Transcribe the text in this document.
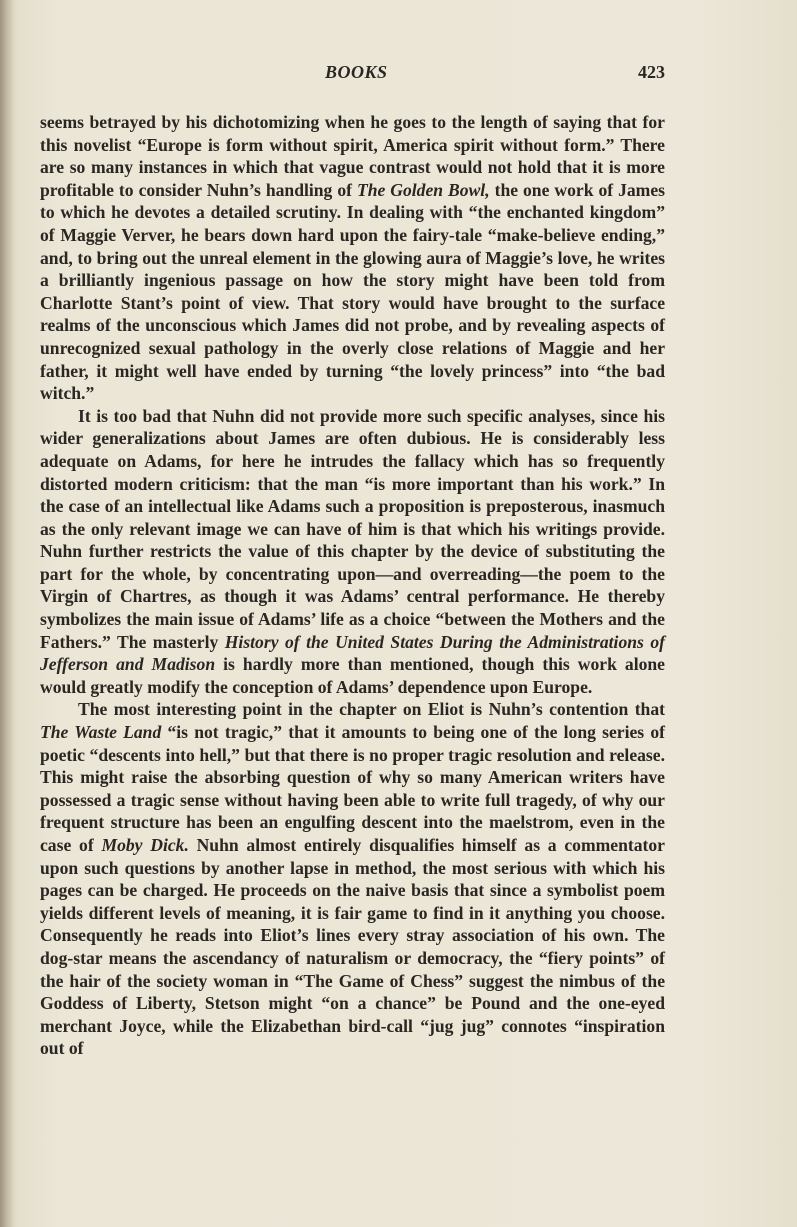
BOOKS	423

seems betrayed by his dichotomizing when he goes to the length of saying that for this novelist “Europe is form without spirit, America spirit without form.” There are so many instances in which that vague contrast would not hold that it is more profitable to consider Nuhn’s handling of The Golden Bowl, the one work of James to which he devotes a detailed scrutiny. In dealing with “the enchanted kingdom” of Maggie Verver, he bears down hard upon the fairy-tale “make-believe ending,” and, to bring out the unreal element in the glowing aura of Maggie’s love, he writes a brilliantly ingenious passage on how the story might have been told from Charlotte Stant’s point of view. That story would have brought to the surface realms of the unconscious which James did not probe, and by revealing aspects of unrecognized sexual pathology in the overly close relations of Maggie and her father, it might well have ended by turning “the lovely princess” into “the bad witch.”

It is too bad that Nuhn did not provide more such specific analyses, since his wider generalizations about James are often dubious. He is considerably less adequate on Adams, for here he intrudes the fallacy which has so frequently distorted modern criticism: that the man “is more important than his work.” In the case of an intellectual like Adams such a proposition is preposterous, inasmuch as the only relevant image we can have of him is that which his writings provide. Nuhn further restricts the value of this chapter by the device of substituting the part for the whole, by concentrating upon—and overreading—the poem to the Virgin of Chartres, as though it was Adams’ central performance. He thereby symbolizes the main issue of Adams’ life as a choice “between the Mothers and the Fathers.” The masterly History of the United States During the Administrations of Jefferson and Madison is hardly more than mentioned, though this work alone would greatly modify the conception of Adams’ dependence upon Europe.

The most interesting point in the chapter on Eliot is Nuhn’s contention that The Waste Land “is not tragic,” that it amounts to being one of the long series of poetic “descents into hell,” but that there is no proper tragic resolution and release. This might raise the absorbing question of why so many American writers have possessed a tragic sense without having been able to write full tragedy, of why our frequent structure has been an engulfing descent into the maelstrom, even in the case of Moby Dick. Nuhn almost entirely disqualifies himself as a commentator upon such questions by another lapse in method, the most serious with which his pages can be charged. He proceeds on the naive basis that since a symbolist poem yields different levels of meaning, it is fair game to find in it anything you choose. Consequently he reads into Eliot’s lines every stray association of his own. The dog-star means the ascendancy of naturalism or democracy, the “fiery points” of the hair of the society woman in “The Game of Chess” suggest the nimbus of the Goddess of Liberty, Stetson might “on a chance” be Pound and the one-eyed merchant Joyce, while the Elizabethan bird-call “jug jug” connotes “inspiration out of
